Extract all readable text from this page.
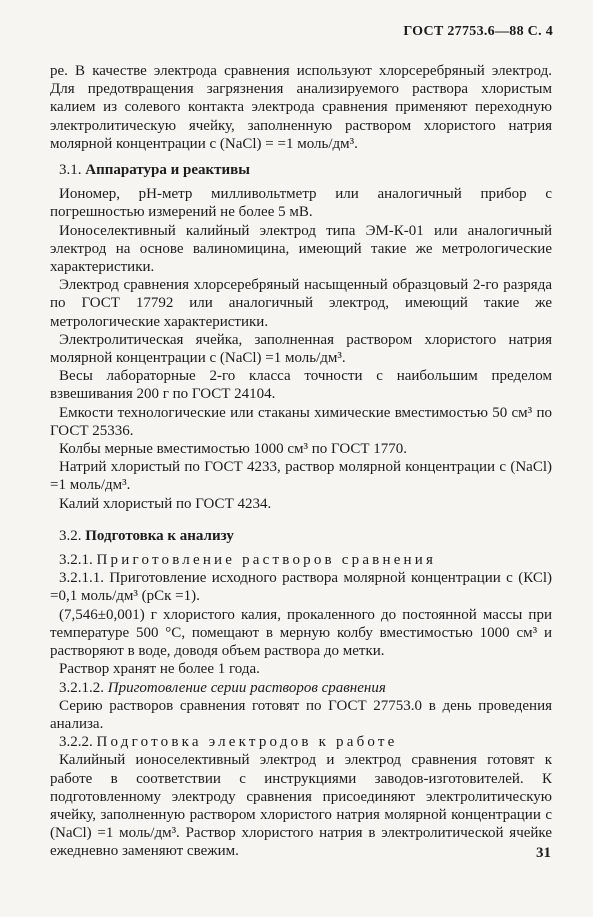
ГОСТ 27753.6—88 С. 4

ре. В качестве электрода сравнения используют хлорсеребряный электрод. Для предотвращения загрязнения анализируемого раствора хлористым калием из солевого контакта электрода сравнения применяют переходную электролитическую ячейку, заполненную раствором хлористого натрия молярной концентрации с (NaCl) = =1 моль/дм³.

3.1. Аппаратура и реактивы

Иономер, pH-метр милливольтметр или аналогичный прибор с погрешностью измерений не более 5 мВ.

Ионоселективный калийный электрод типа ЭМ-К-01 или аналогичный электрод на основе валиномицина, имеющий такие же метрологические характеристики.

Электрод сравнения хлорсеребряный насыщенный образцовый 2-го разряда по ГОСТ 17792 или аналогичный электрод, имеющий такие же метрологические характеристики.

Электролитическая ячейка, заполненная раствором хлористого натрия молярной концентрации с (NaCl) =1 моль/дм³.

Весы лабораторные 2-го класса точности с наибольшим пределом взвешивания 200 г по ГОСТ 24104.

Емкости технологические или стаканы химические вместимостью 50 см³ по ГОСТ 25336.

Колбы мерные вместимостью 1000 см³ по ГОСТ 1770.

Натрий хлористый по ГОСТ 4233, раствор молярной концентрации с (NaCl) =1 моль/дм³.

Калий хлористый по ГОСТ 4234.

3.2. Подготовка к анализу

3.2.1. Приготовление растворов сравнения

3.2.1.1. Приготовление исходного раствора молярной концентрации с (КСl) =0,1 моль/дм³ (рСк =1).

(7,546±0,001) г хлористого калия, прокаленного до постоянной массы при температуре 500 °С, помещают в мерную колбу вместимостью 1000 см³ и растворяют в воде, доводя объем раствора до метки.

Раствор хранят не более 1 года.

3.2.1.2. Приготовление серии растворов сравнения

Серию растворов сравнения готовят по ГОСТ 27753.0 в день проведения анализа.

3.2.2. Подготовка электродов к работе

Калийный ионоселективный электрод и электрод сравнения готовят к работе в соответствии с инструкциями заводов-изготовителей. К подготовленному электроду сравнения присоединяют электролитическую ячейку, заполненную раствором хлористого натрия молярной концентрации с (NaCl) =1 моль/дм³. Раствор хлористого натрия в электролитической ячейке ежедневно заменяют свежим.	31
